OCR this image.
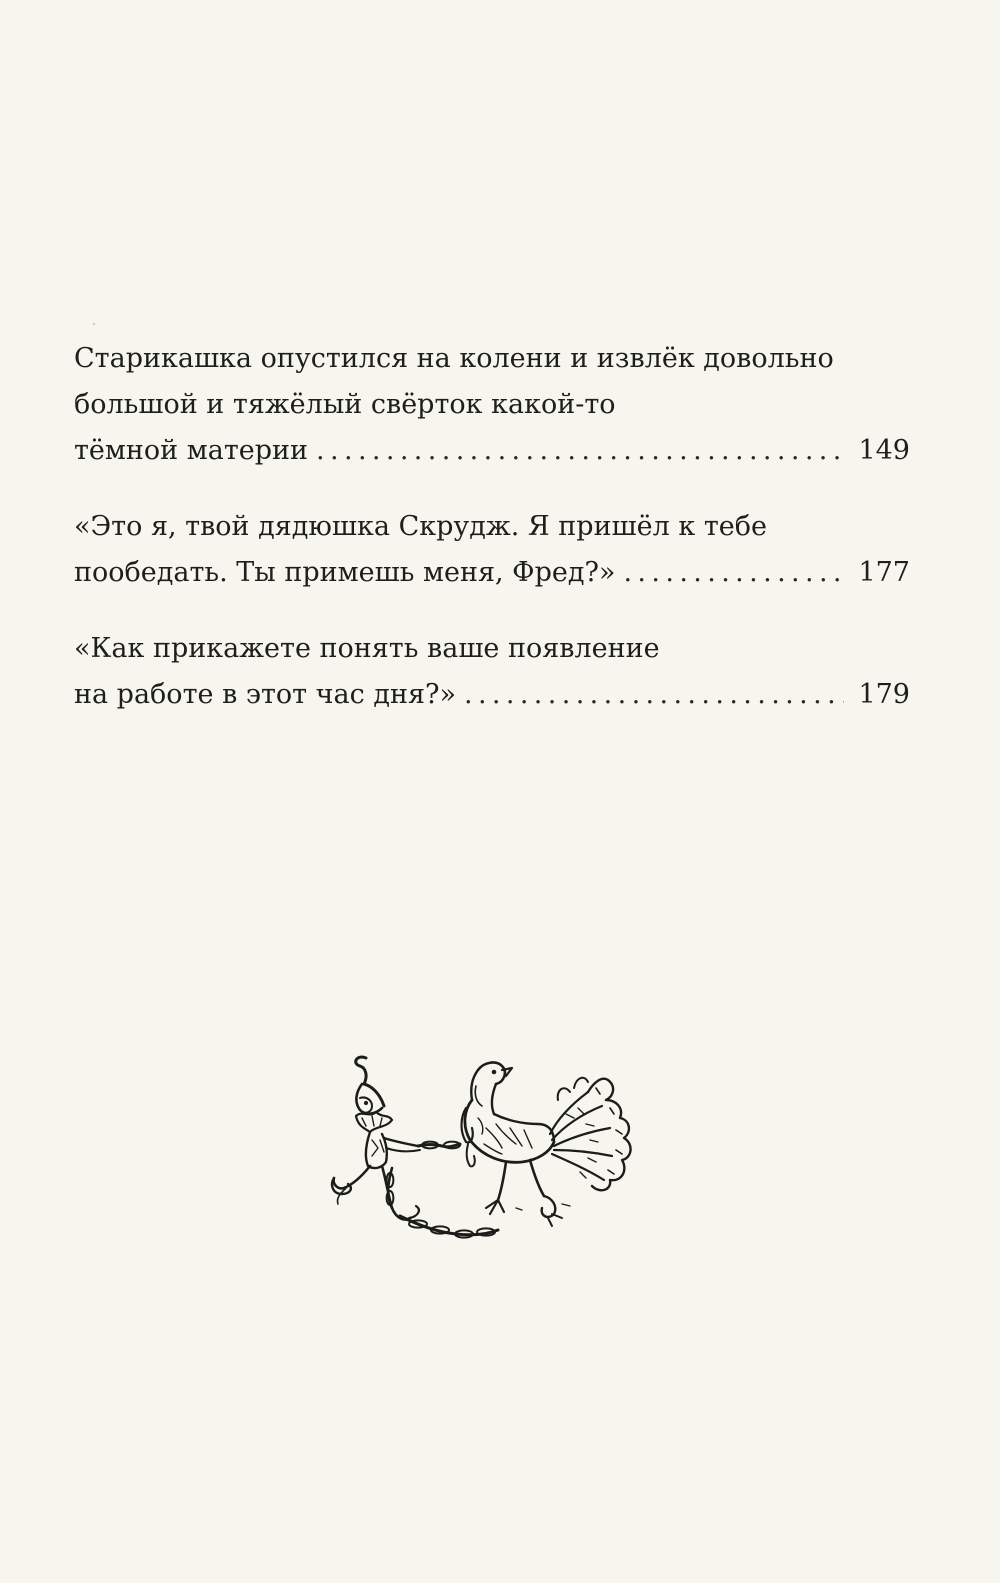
Старикашка опустился на колени и извлёк довольно
большой и тяжёлый свёрток какой-то
тёмной материи . . .	149
«Это я, твой дядюшка Скрудж. Я пришёл к тебе
пообедать. Ты примешь меня, Фред?» . . .	177
«Как прикажете понять ваше появление
на работе в этот час дня?» . . .	179
